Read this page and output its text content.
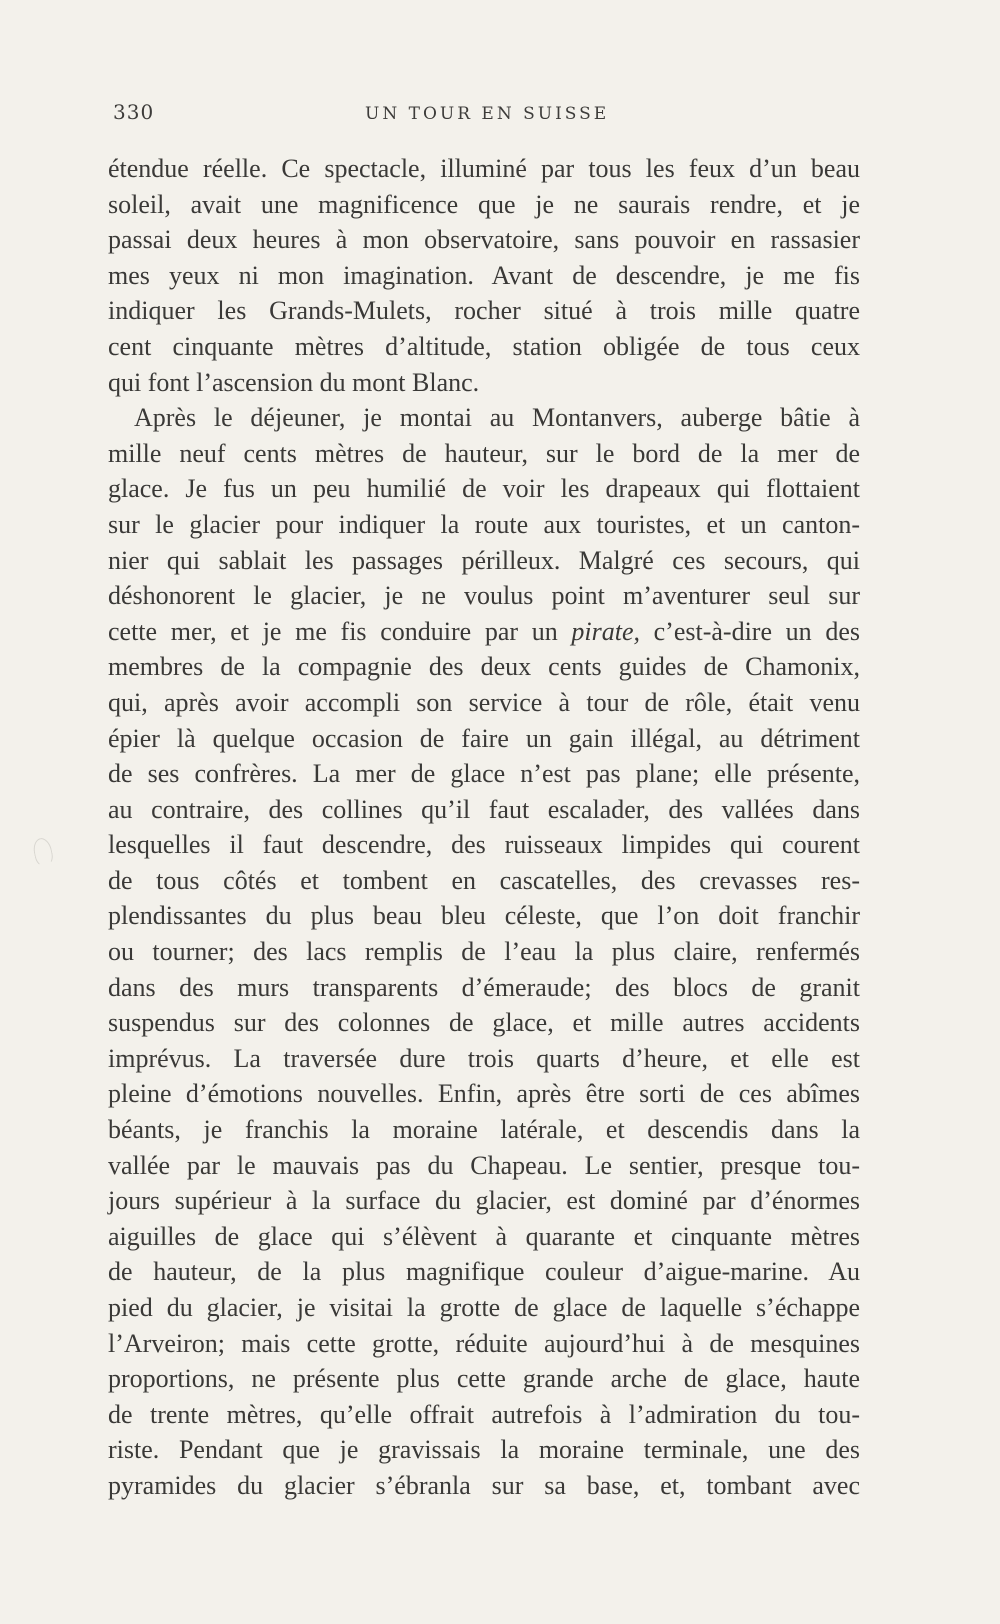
330	UN TOUR EN SUISSE
étendue réelle. Ce spectacle, illuminé par tous les feux d’un beau
soleil, avait une magnificence que je ne saurais rendre, et je
passai deux heures à mon observatoire, sans pouvoir en rassasier
mes yeux ni mon imagination. Avant de descendre, je me fis
indiquer les Grands-Mulets, rocher situé à trois mille quatre
cent cinquante mètres d’altitude, station obligée de tous ceux
qui font l’ascension du mont Blanc.
Après le déjeuner, je montai au Montanvers, auberge bâtie à
mille neuf cents mètres de hauteur, sur le bord de la mer de
glace. Je fus un peu humilié de voir les drapeaux qui flottaient
sur le glacier pour indiquer la route aux touristes, et un canton-
nier qui sablait les passages périlleux. Malgré ces secours, qui
déshonorent le glacier, je ne voulus point m’aventurer seul sur
cette mer, et je me fis conduire par un pirate, c’est-à-dire un des
membres de la compagnie des deux cents guides de Chamonix,
qui, après avoir accompli son service à tour de rôle, était venu
épier là quelque occasion de faire un gain illégal, au détriment
de ses confrères. La mer de glace n’est pas plane; elle présente,
au contraire, des collines qu’il faut escalader, des vallées dans
lesquelles il faut descendre, des ruisseaux limpides qui courent
de tous côtés et tombent en cascatelles, des crevasses res-
plendissantes du plus beau bleu céleste, que l’on doit franchir
ou tourner; des lacs remplis de l’eau la plus claire, renfermés
dans des murs transparents d’émeraude; des blocs de granit
suspendus sur des colonnes de glace, et mille autres accidents
imprévus. La traversée dure trois quarts d’heure, et elle est
pleine d’émotions nouvelles. Enfin, après être sorti de ces abîmes
béants, je franchis la moraine latérale, et descendis dans la
vallée par le mauvais pas du Chapeau. Le sentier, presque tou-
jours supérieur à la surface du glacier, est dominé par d’énormes
aiguilles de glace qui s’élèvent à quarante et cinquante mètres
de hauteur, de la plus magnifique couleur d’aigue-marine. Au
pied du glacier, je visitai la grotte de glace de laquelle s’échappe
l’Arveiron; mais cette grotte, réduite aujourd’hui à de mesquines
proportions, ne présente plus cette grande arche de glace, haute
de trente mètres, qu’elle offrait autrefois à l’admiration du tou-
riste. Pendant que je gravissais la moraine terminale, une des
pyramides du glacier s’ébranla sur sa base, et, tombant avec
